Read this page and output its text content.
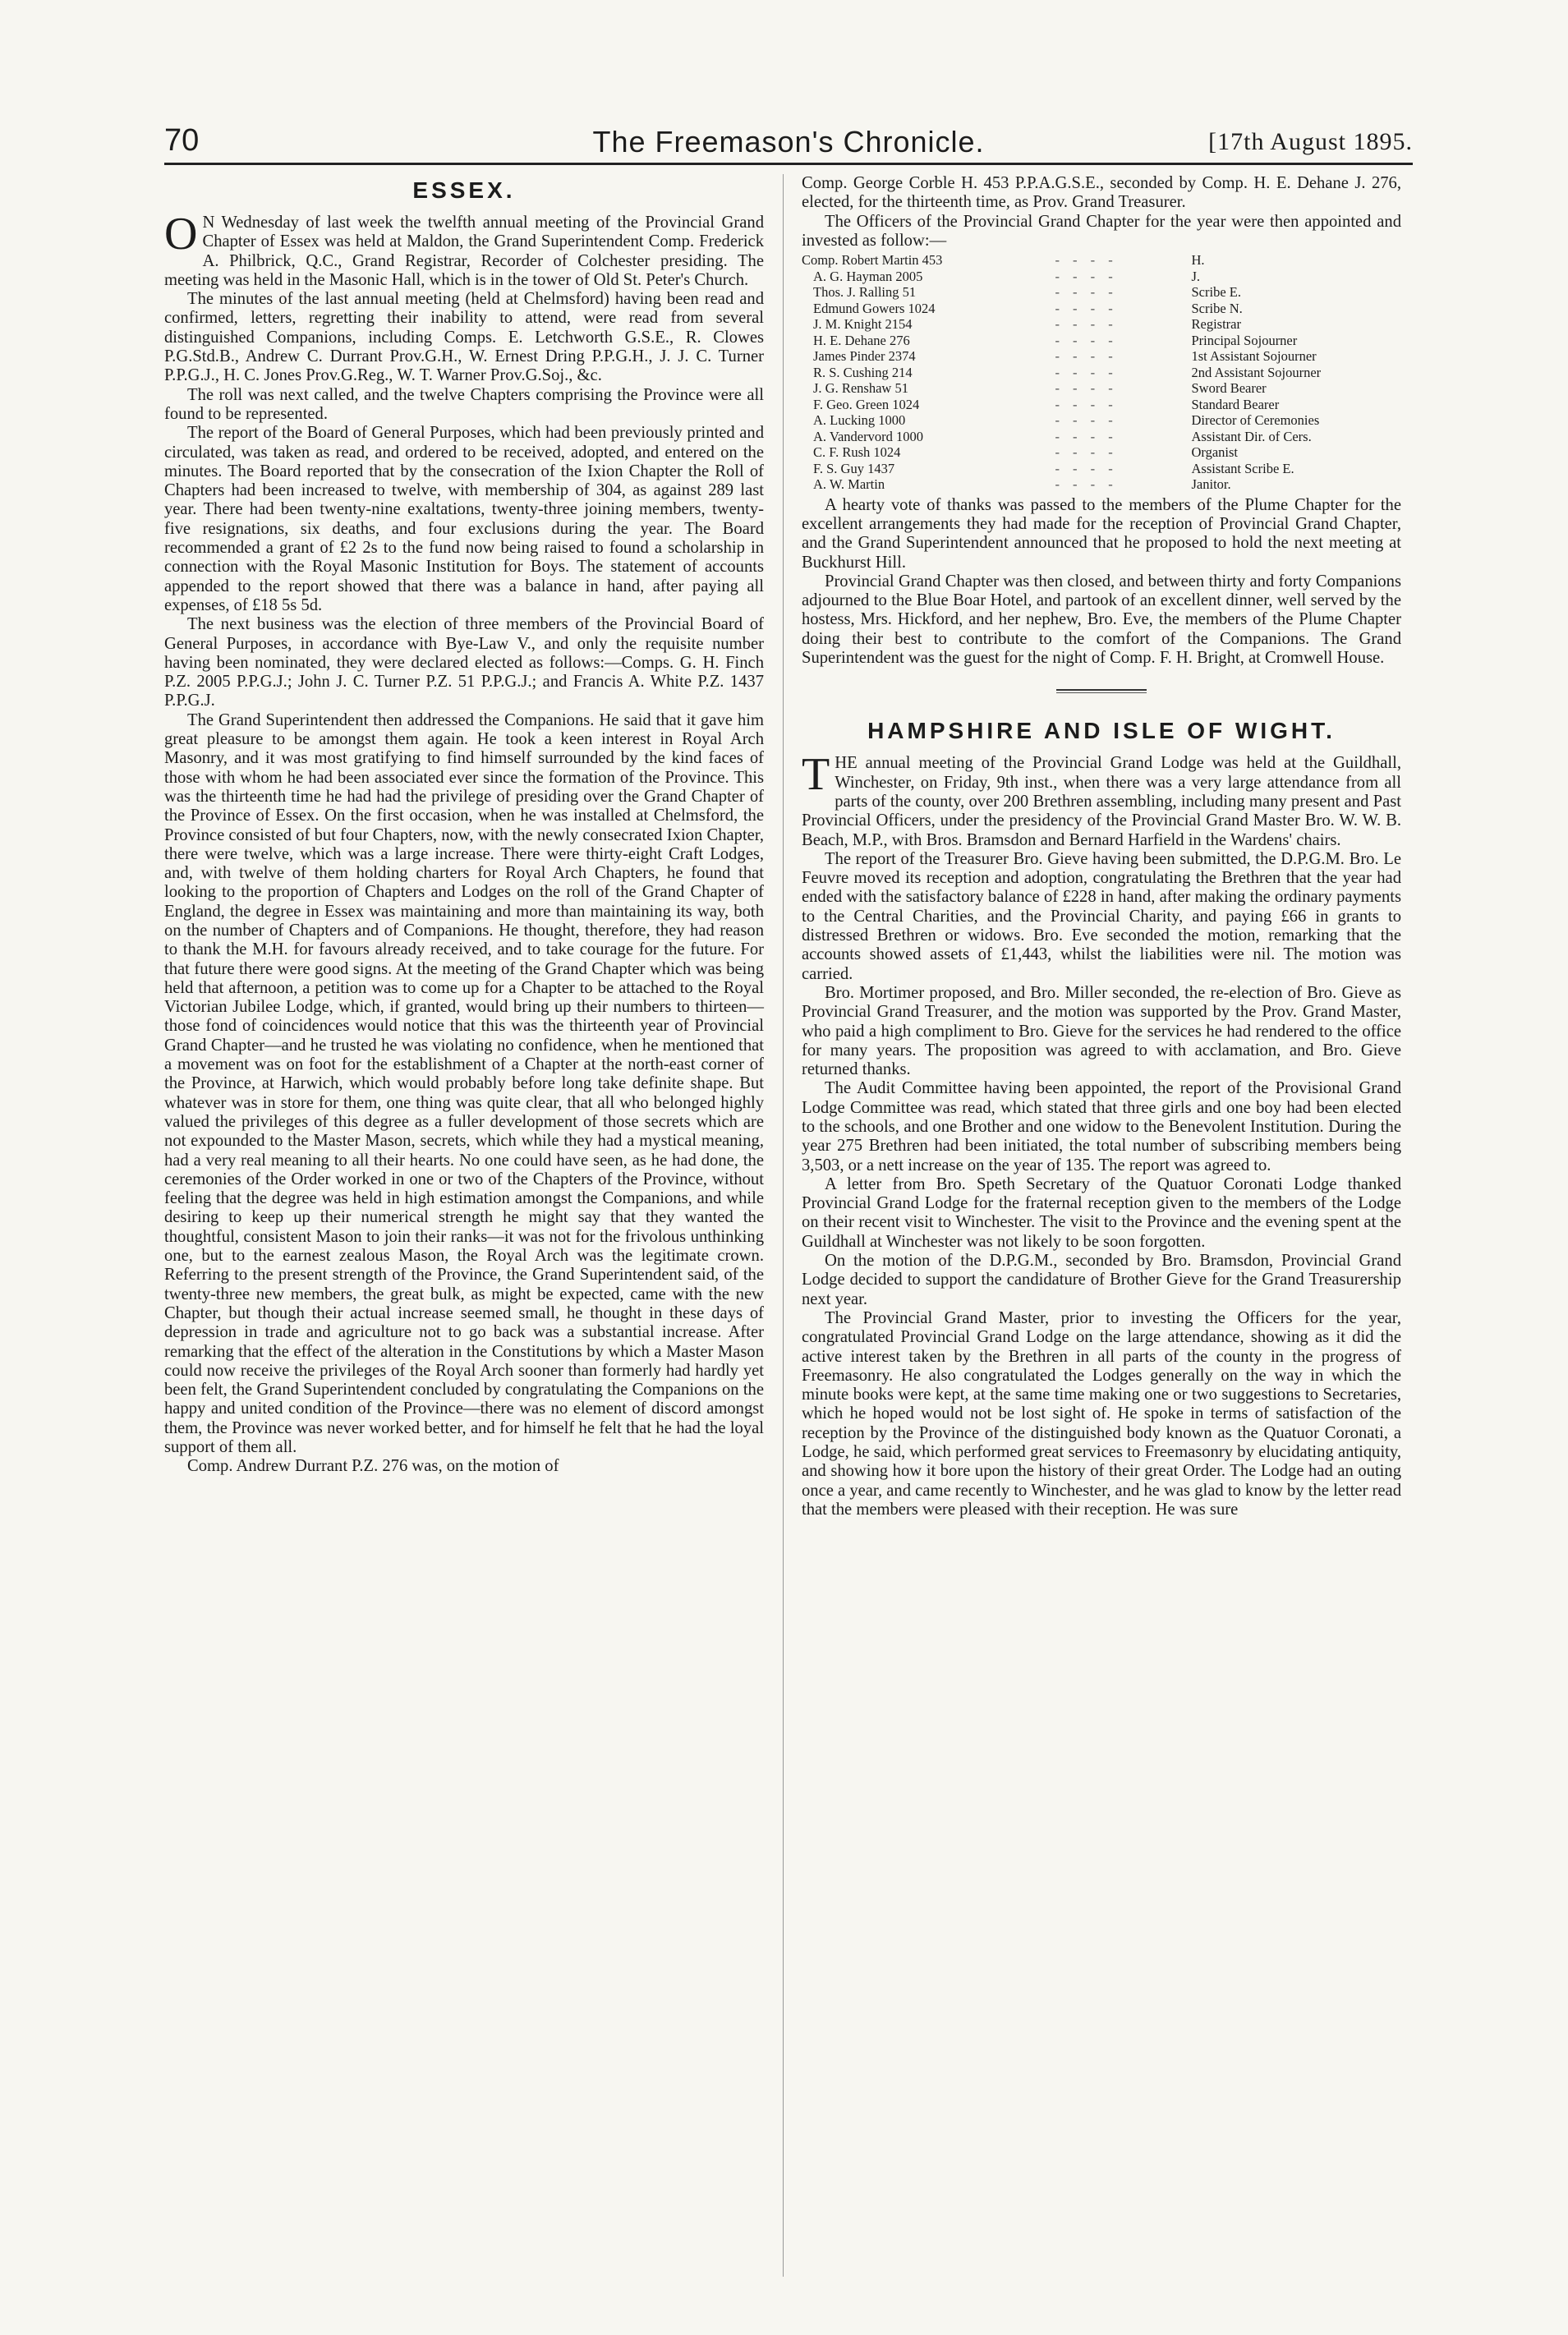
70	The Freemason's Chronicle.	[17th August 1895.
ESSEX.

O N Wednesday of last week the twelfth annual meeting of the Provincial Grand Chapter of Essex was held at Maldon, the Grand Superintendent Comp. Frederick A. Philbrick, Q.C., Grand Registrar, Recorder of Colchester presiding. The meeting was held in the Masonic Hall, which is in the tower of Old St. Peter's Church.

The minutes of the last annual meeting (held at Chelmsford) having been read and confirmed, letters, regretting their inability to attend, were read from several distinguished Companions, including Comps. E. Letchworth G.S.E., R. Clowes P.G.Std.B., Andrew C. Durrant Prov.G.H., W. Ernest Dring P.P.G.H., J. J. C. Turner P.P.G.J., H. C. Jones Prov.G.Reg., W. T. Warner Prov.G.Soj., &c.

The roll was next called, and the twelve Chapters comprising the Province were all found to be represented.

The report of the Board of General Purposes, which had been previously printed and circulated, was taken as read, and ordered to be received, adopted, and entered on the minutes. The Board reported that by the consecration of the Ixion Chapter the Roll of Chapters had been increased to twelve, with membership of 304, as against 289 last year. There had been twenty-nine exaltations, twenty-three joining members, twenty-five resignations, six deaths, and four exclusions during the year. The Board recommended a grant of £2 2s to the fund now being raised to found a scholarship in connection with the Royal Masonic Institution for Boys. The statement of accounts appended to the report showed that there was a balance in hand, after paying all expenses, of £18 5s 5d.

The next business was the election of three members of the Provincial Board of General Purposes, in accordance with Bye-Law V., and only the requisite number having been nominated, they were declared elected as follows:—Comps. G. H. Finch P.Z. 2005 P.P.G.J.; John J. C. Turner P.Z. 51 P.P.G.J.; and Francis A. White P.Z. 1437 P.P.G.J.

The Grand Superintendent then addressed the Companions. He said that it gave him great pleasure to be amongst them again. He took a keen interest in Royal Arch Masonry, and it was most gratifying to find himself surrounded by the kind faces of those with whom he had been associated ever since the formation of the Province. This was the thirteenth time he had had the privilege of presiding over the Grand Chapter of the Province of Essex. On the first occasion, when he was installed at Chelmsford, the Province consisted of but four Chapters, now, with the newly consecrated Ixion Chapter, there were twelve, which was a large increase. There were thirty-eight Craft Lodges, and, with twelve of them holding charters for Royal Arch Chapters, he found that looking to the proportion of Chapters and Lodges on the roll of the Grand Chapter of England, the degree in Essex was maintaining and more than maintaining its way, both on the number of Chapters and of Companions. He thought, therefore, they had reason to thank the M.H. for favours already received, and to take courage for the future. For that future there were good signs. At the meeting of the Grand Chapter which was being held that afternoon, a petition was to come up for a Chapter to be attached to the Royal Victorian Jubilee Lodge, which, if granted, would bring up their numbers to thirteen—those fond of coincidences would notice that this was the thirteenth year of Provincial Grand Chapter—and he trusted he was violating no confidence, when he mentioned that a movement was on foot for the establishment of a Chapter at the north-east corner of the Province, at Harwich, which would probably before long take definite shape. But whatever was in store for them, one thing was quite clear, that all who belonged highly valued the privileges of this degree as a fuller development of those secrets which are not expounded to the Master Mason, secrets, which while they had a mystical meaning, had a very real meaning to all their hearts. No one could have seen, as he had done, the ceremonies of the Order worked in one or two of the Chapters of the Province, without feeling that the degree was held in high estimation amongst the Companions, and while desiring to keep up their numerical strength he might say that they wanted the thoughtful, consistent Mason to join their ranks—it was not for the frivolous unthinking one, but to the earnest zealous Mason, the Royal Arch was the legitimate crown. Referring to the present strength of the Province, the Grand Superintendent said, of the twenty-three new members, the great bulk, as might be expected, came with the new Chapter, but though their actual increase seemed small, he thought in these days of depression in trade and agriculture not to go back was a substantial increase. After remarking that the effect of the alteration in the Constitutions by which a Master Mason could now receive the privileges of the Royal Arch sooner than formerly had hardly yet been felt, the Grand Superintendent concluded by congratulating the Companions on the happy and united condition of the Province—there was no element of discord amongst them, the Province was never worked better, and for himself he felt that he had the loyal support of them all.

Comp. Andrew Durrant P.Z. 276 was, on the motion of

Comp. George Corble H. 453 P.P.A.G.S.E., seconded by Comp. H. E. Dehane J. 276, elected, for the thirteenth time, as Prov. Grand Treasurer.

The Officers of the Provincial Grand Chapter for the year were then appointed and invested as follow:—

Comp. Robert Martin 453	- - - -	H.
A. G. Hayman 2005	- - - -	J.
Thos. J. Ralling 51	- - - -	Scribe E.
Edmund Gowers 1024	- - - -	Scribe N.
J. M. Knight 2154	- - - -	Registrar
H. E. Dehane 276	- - - -	Principal Sojourner
James Pinder 2374	- - - -	1st Assistant Sojourner
R. S. Cushing 214	- - - -	2nd Assistant Sojourner
J. G. Renshaw 51	- - - -	Sword Bearer
F. Geo. Green 1024	- - - -	Standard Bearer
A. Lucking 1000	- - - -	Director of Ceremonies
A. Vandervord 1000	- - - -	Assistant Dir. of Cers.
C. F. Rush 1024	- - - -	Organist
F. S. Guy 1437	- - - -	Assistant Scribe E.
A. W. Martin	- - - -	Janitor.

A hearty vote of thanks was passed to the members of the Plume Chapter for the excellent arrangements they had made for the reception of Provincial Grand Chapter, and the Grand Superintendent announced that he proposed to hold the next meeting at Buckhurst Hill.

Provincial Grand Chapter was then closed, and between thirty and forty Companions adjourned to the Blue Boar Hotel, and partook of an excellent dinner, well served by the hostess, Mrs. Hickford, and her nephew, Bro. Eve, the members of the Plume Chapter doing their best to contribute to the comfort of the Companions. The Grand Superintendent was the guest for the night of Comp. F. H. Bright, at Cromwell House.

HAMPSHIRE AND ISLE OF WIGHT.

THE annual meeting of the Provincial Grand Lodge was held at the Guildhall, Winchester, on Friday, 9th inst., when there was a very large attendance from all parts of the county, over 200 Brethren assembling, including many present and Past Provincial Officers, under the presidency of the Provincial Grand Master Bro. W. W. B. Beach, M.P., with Bros. Bramsdon and Bernard Harfield in the Wardens' chairs.

The report of the Treasurer Bro. Gieve having been submitted, the D.P.G.M. Bro. Le Feuvre moved its reception and adoption, congratulating the Brethren that the year had ended with the satisfactory balance of £228 in hand, after making the ordinary payments to the Central Charities, and the Provincial Charity, and paying £66 in grants to distressed Brethren or widows. Bro. Eve seconded the motion, remarking that the accounts showed assets of £1,443, whilst the liabilities were nil. The motion was carried.

Bro. Mortimer proposed, and Bro. Miller seconded, the re-election of Bro. Gieve as Provincial Grand Treasurer, and the motion was supported by the Prov. Grand Master, who paid a high compliment to Bro. Gieve for the services he had rendered to the office for many years. The proposition was agreed to with acclamation, and Bro. Gieve returned thanks.

The Audit Committee having been appointed, the report of the Provisional Grand Lodge Committee was read, which stated that three girls and one boy had been elected to the schools, and one Brother and one widow to the Benevolent Institution. During the year 275 Brethren had been initiated, the total number of subscribing members being 3,503, or a nett increase on the year of 135. The report was agreed to.

A letter from Bro. Speth Secretary of the Quatuor Coronati Lodge thanked Provincial Grand Lodge for the fraternal reception given to the members of the Lodge on their recent visit to Winchester. The visit to the Province and the evening spent at the Guildhall at Winchester was not likely to be soon forgotten.

On the motion of the D.P.G.M., seconded by Bro. Bramsdon, Provincial Grand Lodge decided to support the candidature of Brother Gieve for the Grand Treasurership next year.

The Provincial Grand Master, prior to investing the Officers for the year, congratulated Provincial Grand Lodge on the large attendance, showing as it did the active interest taken by the Brethren in all parts of the county in the progress of Freemasonry. He also congratulated the Lodges generally on the way in which the minute books were kept, at the same time making one or two suggestions to Secretaries, which he hoped would not be lost sight of. He spoke in terms of satisfaction of the reception by the Province of the distinguished body known as the Quatuor Coronati, a Lodge, he said, which performed great services to Freemasonry by elucidating antiquity, and showing how it bore upon the history of their great Order. The Lodge had an outing once a year, and came recently to Winchester, and he was glad to know by the letter read that the members were pleased with their reception. He was sure
